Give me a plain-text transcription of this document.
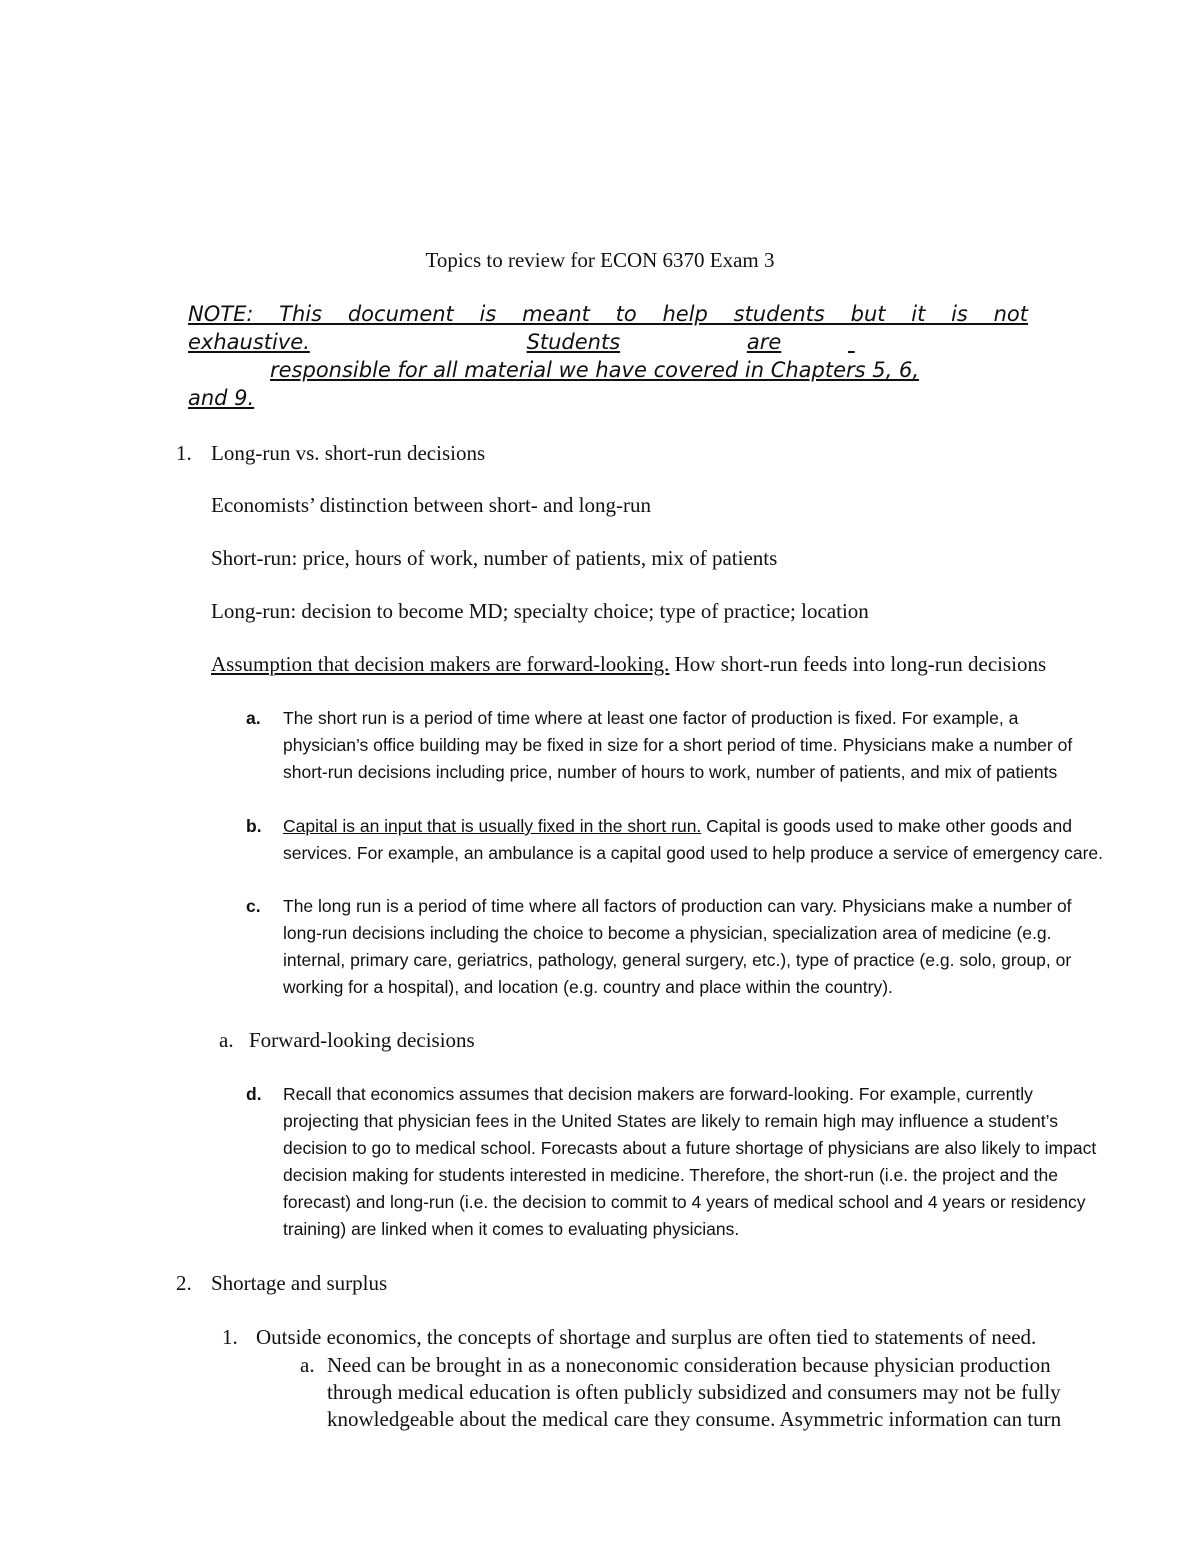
Topics to review for ECON 6370 Exam 3
NOTE: This document is meant to help students but it is not
exhaustive.	Students	are

responsible for all material we have covered in Chapters 5, 6,
and 9.
1. Long-run vs. short-run decisions
Economists’ distinction between short- and long-run
Short-run: price, hours of work, number of patients, mix of patients
Long-run: decision to become MD; specialty choice; type of practice; location
Assumption that decision makers are forward-looking. How short-run feeds into long-run decisions
a. The short run is a period of time where at least one factor of production is fixed. For example, a
physician’s office building may be fixed in size for a short period of time. Physicians make a number of
short-run decisions including price, number of hours to work, number of patients, and mix of patients
b. Capital is an input that is usually fixed in the short run. Capital is goods used to make other goods and
services. For example, an ambulance is a capital good used to help produce a service of emergency care.
c. The long run is a period of time where all factors of production can vary. Physicians make a number of
long-run decisions including the choice to become a physician, specialization area of medicine (e.g.
internal, primary care, geriatrics, pathology, general surgery, etc.), type of practice (e.g. solo, group, or
working for a hospital), and location (e.g. country and place within the country).
a. Forward-looking decisions
d. Recall that economics assumes that decision makers are forward-looking. For example, currently
projecting that physician fees in the United States are likely to remain high may influence a student’s
decision to go to medical school. Forecasts about a future shortage of physicians are also likely to impact
decision making for students interested in medicine. Therefore, the short-run (i.e. the project and the
forecast) and long-run (i.e. the decision to commit to 4 years of medical school and 4 years or residency
training) are linked when it comes to evaluating physicians.
2. Shortage and surplus
1. Outside economics, the concepts of shortage and surplus are often tied to statements of need.
a. Need can be brought in as a noneconomic consideration because physician production
through medical education is often publicly subsidized and consumers may not be fully
knowledgeable about the medical care they consume. Asymmetric information can turn
